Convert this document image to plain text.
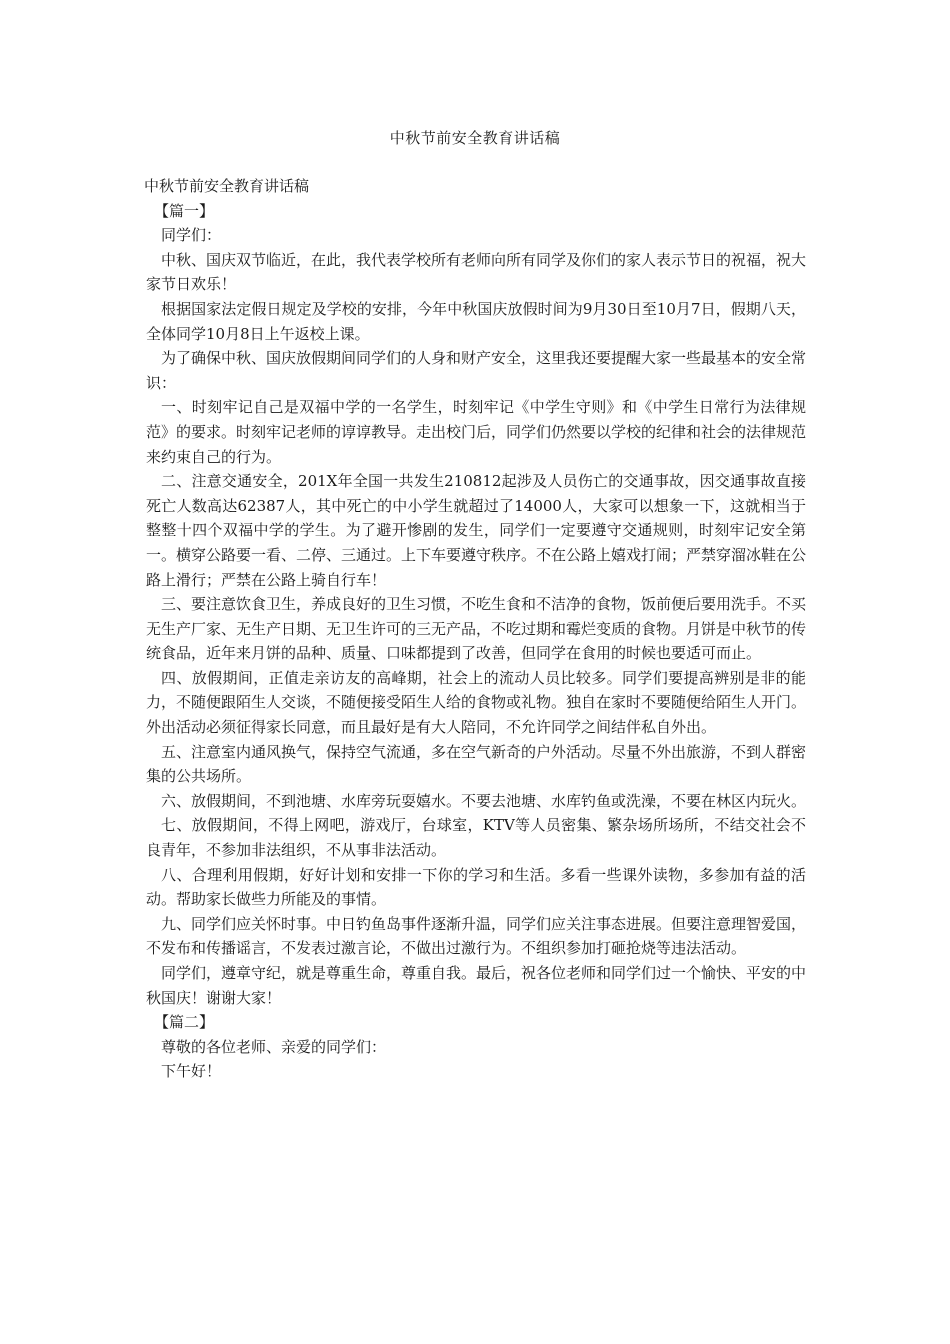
中秋节前安全教育讲话稿

中秋节前安全教育讲话稿

【篇一】

同学们：

中秋、国庆双节临近，在此，我代表学校所有老师向所有同学及你们的家人表示节日的祝福，祝大家节日欢乐！

根据国家法定假日规定及学校的安排，今年中秋国庆放假时间为9月30日至10月7日，假期八天，全体同学10月8日上午返校上课。

为了确保中秋、国庆放假期间同学们的人身和财产安全，这里我还要提醒大家一些最基本的安全常识：

一、时刻牢记自己是双福中学的一名学生，时刻牢记《中学生守则》和《中学生日常行为法律规范》的要求。时刻牢记老师的谆谆教导。走出校门后，同学们仍然要以学校的纪律和社会的法律规范来约束自己的行为。

二、注意交通安全，201X年全国一共发生210812起涉及人员伤亡的交通事故，因交通事故直接死亡人数高达62387人，其中死亡的中小学生就超过了14000人，大家可以想象一下，这就相当于整整十四个双福中学的学生。为了避开惨剧的发生，同学们一定要遵守交通规则，时刻牢记安全第一。横穿公路要一看、二停、三通过。上下车要遵守秩序。不在公路上嬉戏打闹；严禁穿溜冰鞋在公路上滑行；严禁在公路上骑自行车！

三、要注意饮食卫生，养成良好的卫生习惯，不吃生食和不洁净的食物，饭前便后要用洗手。不买无生产厂家、无生产日期、无卫生许可的三无产品，不吃过期和霉烂变质的食物。月饼是中秋节的传统食品，近年来月饼的品种、质量、口味都提到了改善，但同学在食用的时候也要适可而止。

四、放假期间，正值走亲访友的高峰期，社会上的流动人员比较多。同学们要提高辨别是非的能力，不随便跟陌生人交谈，不随便接受陌生人给的食物或礼物。独自在家时不要随便给陌生人开门。外出活动必须征得家长同意，而且最好是有大人陪同，不允许同学之间结伴私自外出。

五、注意室内通风换气，保持空气流通，多在空气新奇的户外活动。尽量不外出旅游，不到人群密集的公共场所。

六、放假期间，不到池塘、水库旁玩耍嬉水。不要去池塘、水库钓鱼或洗澡，不要在林区内玩火。

七、放假期间，不得上网吧，游戏厅，台球室，KTV等人员密集、繁杂场所场所，不结交社会不良青年，不参加非法组织，不从事非法活动。

八、合理利用假期，好好计划和安排一下你的学习和生活。多看一些课外读物，多参加有益的活动。帮助家长做些力所能及的事情。

九、同学们应关怀时事。中日钓鱼岛事件逐渐升温，同学们应关注事态进展。但要注意理智爱国，不发布和传播谣言，不发表过激言论，不做出过激行为。不组织参加打砸抢烧等违法活动。

同学们，遵章守纪，就是尊重生命，尊重自我。最后，祝各位老师和同学们过一个愉快、平安的中秋国庆！谢谢大家！

【篇二】

尊敬的各位老师、亲爱的同学们：

下午好！
